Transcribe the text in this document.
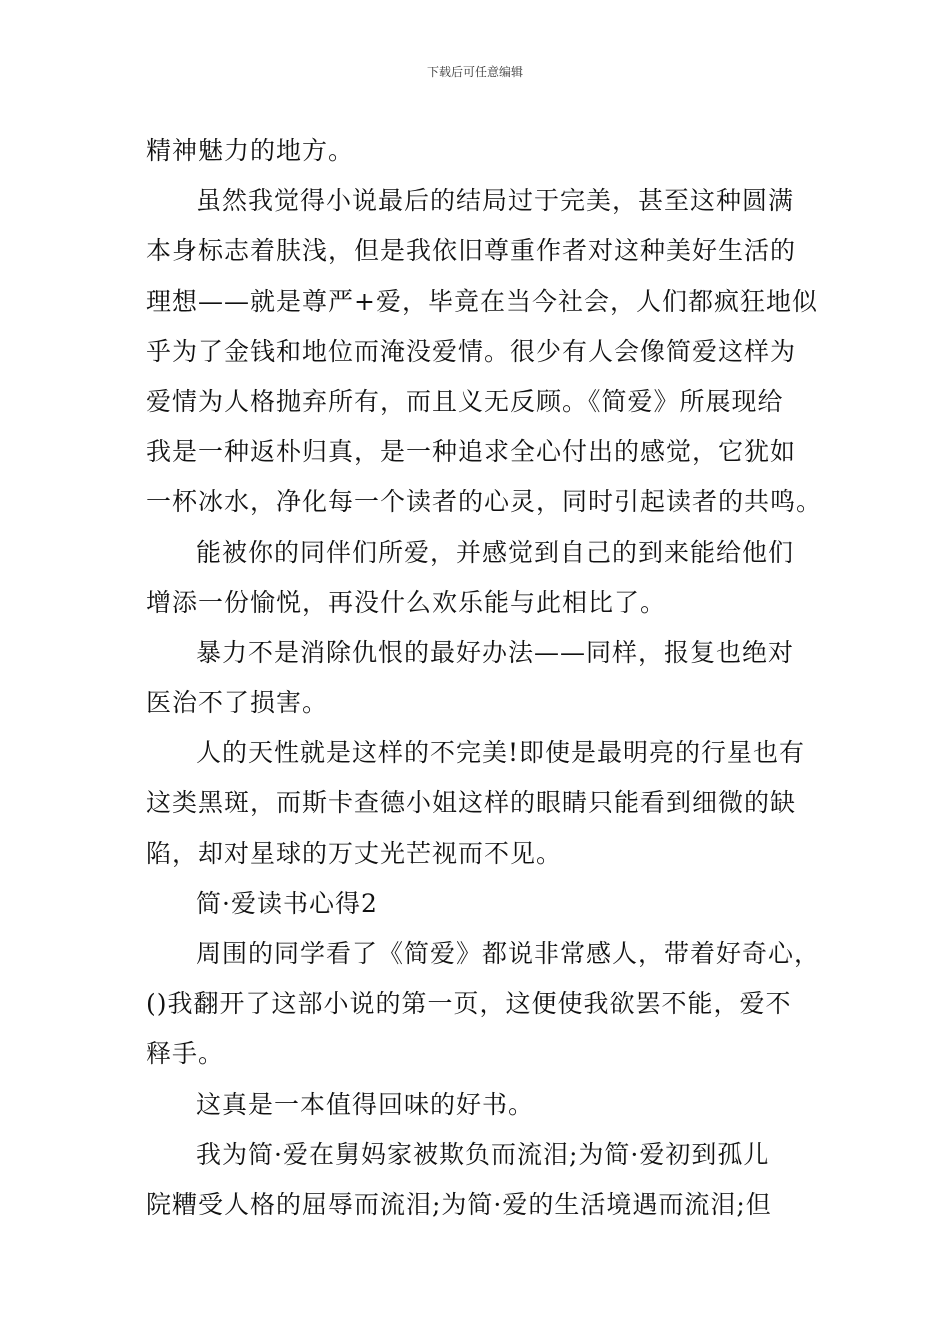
下载后可任意编辑
精神魅力的地方。
虽然我觉得小说最后的结局过于完美，甚至这种圆满
本身标志着肤浅，但是我依旧尊重作者对这种美好生活的
理想——就是尊严+爱，毕竟在当今社会，人们都疯狂地似
乎为了金钱和地位而淹没爱情。很少有人会像简爱这样为
爱情为人格抛弃所有，而且义无反顾。《简爱》所展现给
我是一种返朴归真，是一种追求全心付出的感觉，它犹如
一杯冰水，净化每一个读者的心灵，同时引起读者的共鸣。
能被你的同伴们所爱，并感觉到自己的到来能给他们
增添一份愉悦，再没什么欢乐能与此相比了。
暴力不是消除仇恨的最好办法——同样，报复也绝对
医治不了损害。
人的天性就是这样的不完美!即使是最明亮的行星也有
这类黑斑，而斯卡查德小姐这样的眼睛只能看到细微的缺
陷，却对星球的万丈光芒视而不见。
简·爱读书心得2
周围的同学看了《简爱》都说非常感人，带着好奇心，
()我翻开了这部小说的第一页，这便使我欲罢不能，爱不
释手。
这真是一本值得回味的好书。
我为简·爱在舅妈家被欺负而流泪;为简·爱初到孤儿
院糟受人格的屈辱而流泪;为简·爱的生活境遇而流泪;但
